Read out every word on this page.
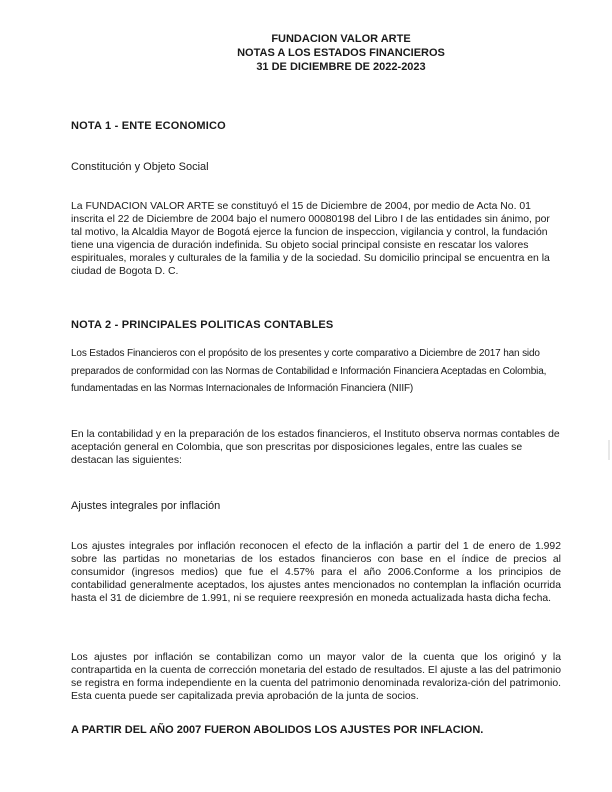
FUNDACION VALOR ARTE
NOTAS A LOS ESTADOS FINANCIEROS
31 DE DICIEMBRE DE 2022-2023
NOTA 1 - ENTE ECONOMICO
Constitución y Objeto Social
La FUNDACION VALOR ARTE se constituyó el 15 de Diciembre de 2004, por medio de Acta No. 01 inscrita el 22 de Diciembre de 2004 bajo el numero 00080198 del Libro I de las entidades sin ánimo, por tal motivo, la Alcaldia Mayor de Bogotá ejerce la funcion de inspeccion, vigilancia y control, la fundación tiene una vigencia de duración indefinida. Su objeto social principal consiste en rescatar los valores espirituales, morales y culturales de la familia y de la sociedad. Su domicilio principal se encuentra en la ciudad de Bogota D. C.
NOTA 2 - PRINCIPALES POLITICAS CONTABLES
Los Estados Financieros con el propósito de los presentes y corte comparativo a Diciembre de 2017 han sido preparados de conformidad con las Normas de Contabilidad e Información Financiera Aceptadas en Colombia, fundamentadas en las Normas Internacionales de Información Financiera (NIIF)
En la contabilidad y en la preparación de los estados financieros, el Instituto observa normas contables de aceptación general en Colombia, que son prescritas por disposiciones legales, entre las cuales se destacan las siguientes:
Ajustes integrales por inflación
Los ajustes integrales por inflación reconocen el efecto de la inflación a partir del 1 de enero de 1.992 sobre las partidas no monetarias de los estados financieros con base en el índice de precios al consumidor (ingresos medios) que fue el 4.57% para el año 2006.Conforme a los principios de contabilidad generalmente aceptados, los ajustes antes mencionados no contemplan la inflación ocurrida hasta el 31 de diciembre de 1.991, ni se requiere reexpresión en moneda actualizada hasta dicha fecha.
Los ajustes por inflación se contabilizan como un mayor valor de la cuenta que los originó y la contrapartida en la cuenta de corrección monetaria del estado de resultados. El ajuste a las del patrimonio se registra en forma independiente en la cuenta del patrimonio denominada revaloriza-ción del patrimonio. Esta cuenta puede ser capitalizada previa aprobación de la junta de socios.
A PARTIR DEL AÑO 2007 FUERON ABOLIDOS LOS AJUSTES POR INFLACION.
